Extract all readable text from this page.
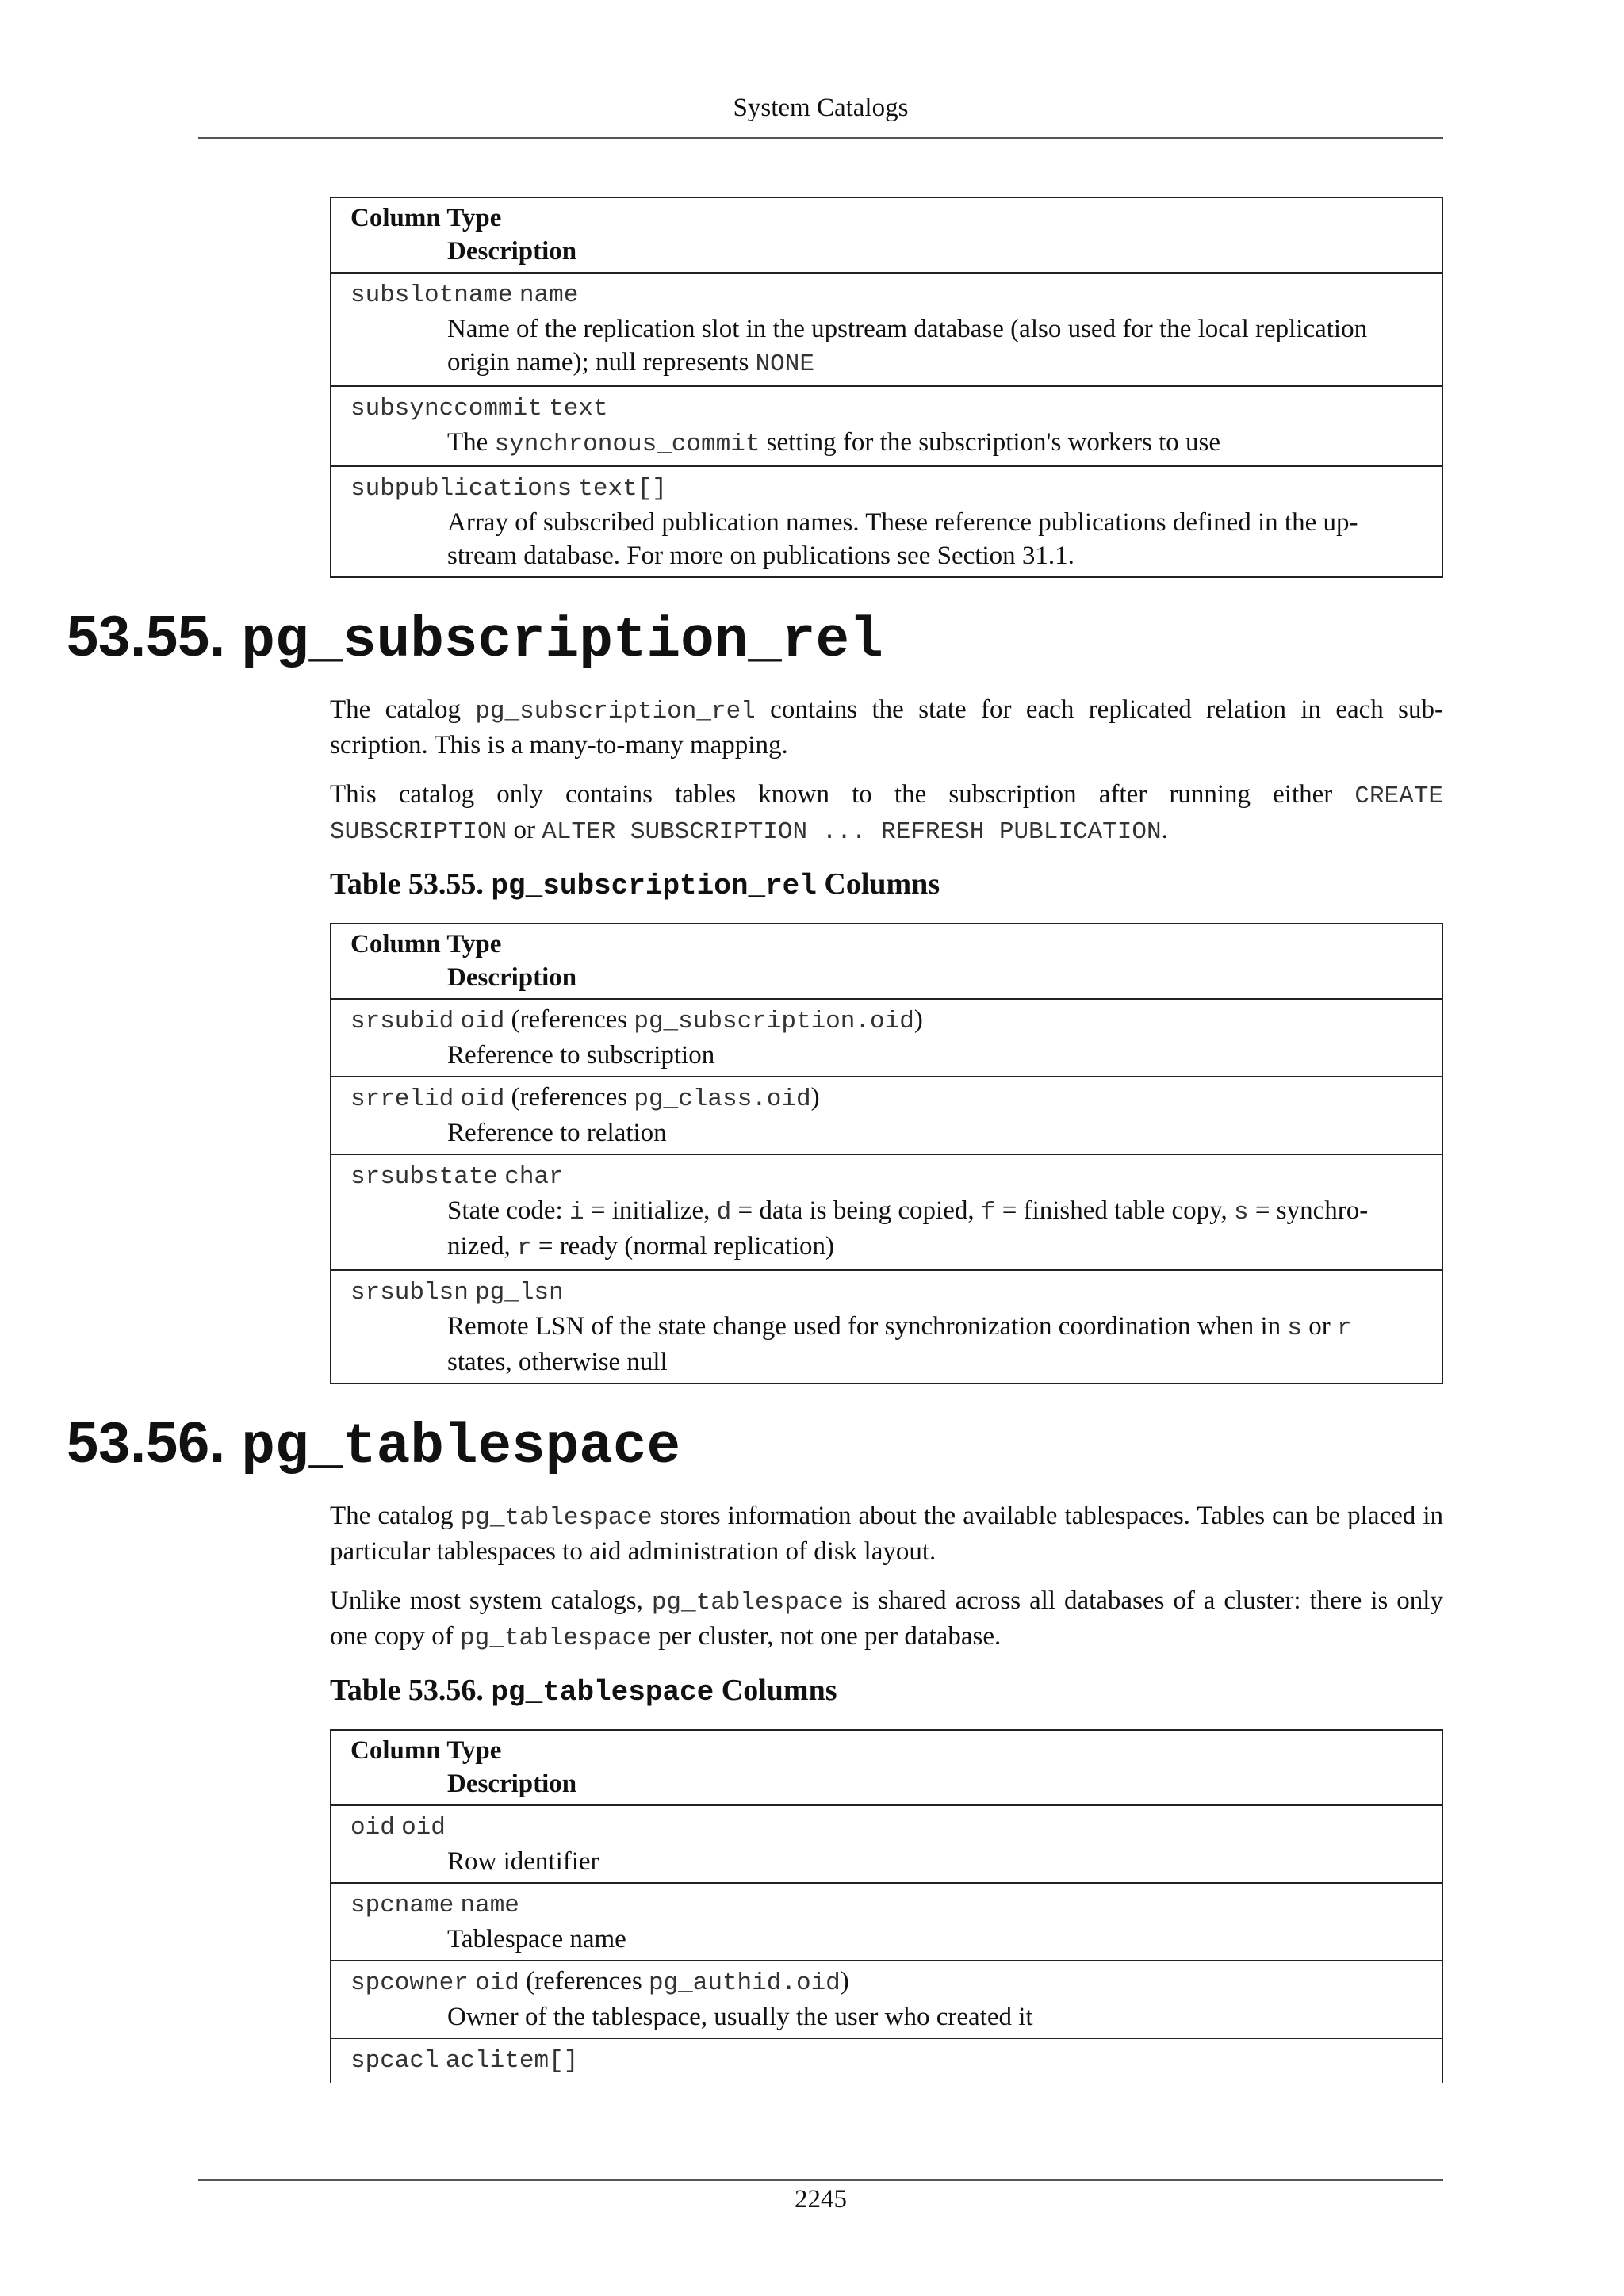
System Catalogs
Column Type
Description

subslotname name
Name of the replication slot in the upstream database (also used for the local replication origin name); null represents NONE

subsynccommit text
The synchronous_commit setting for the subscription's workers to use

subpublications text[]
Array of subscribed publication names. These reference publications defined in the up-stream database. For more on publications see Section 31.1.
53.55. pg_subscription_rel

The catalog pg_subscription_rel contains the state for each replicated relation in each sub-scription. This is a many-to-many mapping.

This catalog only contains tables known to the subscription after running either CREATE SUBSCRIPTION or ALTER SUBSCRIPTION ... REFRESH PUBLICATION.

Table 53.55. pg_subscription_rel Columns
Column Type
Description

srsubid oid (references pg_subscription.oid)
Reference to subscription

srrelid oid (references pg_class.oid)
Reference to relation

srsubstate char
State code: i = initialize, d = data is being copied, f = finished table copy, s = synchro-nized, r = ready (normal replication)

srsublsn pg_lsn
Remote LSN of the state change used for synchronization coordination when in s or r states, otherwise null
53.56. pg_tablespace

The catalog pg_tablespace stores information about the available tablespaces. Tables can be placed in particular tablespaces to aid administration of disk layout.

Unlike most system catalogs, pg_tablespace is shared across all databases of a cluster: there is only one copy of pg_tablespace per cluster, not one per database.

Table 53.56. pg_tablespace Columns
Column Type
Description

oid oid
Row identifier

spcname name
Tablespace name

spcowner oid (references pg_authid.oid)
Owner of the tablespace, usually the user who created it

spcacl aclitem[]
2245
